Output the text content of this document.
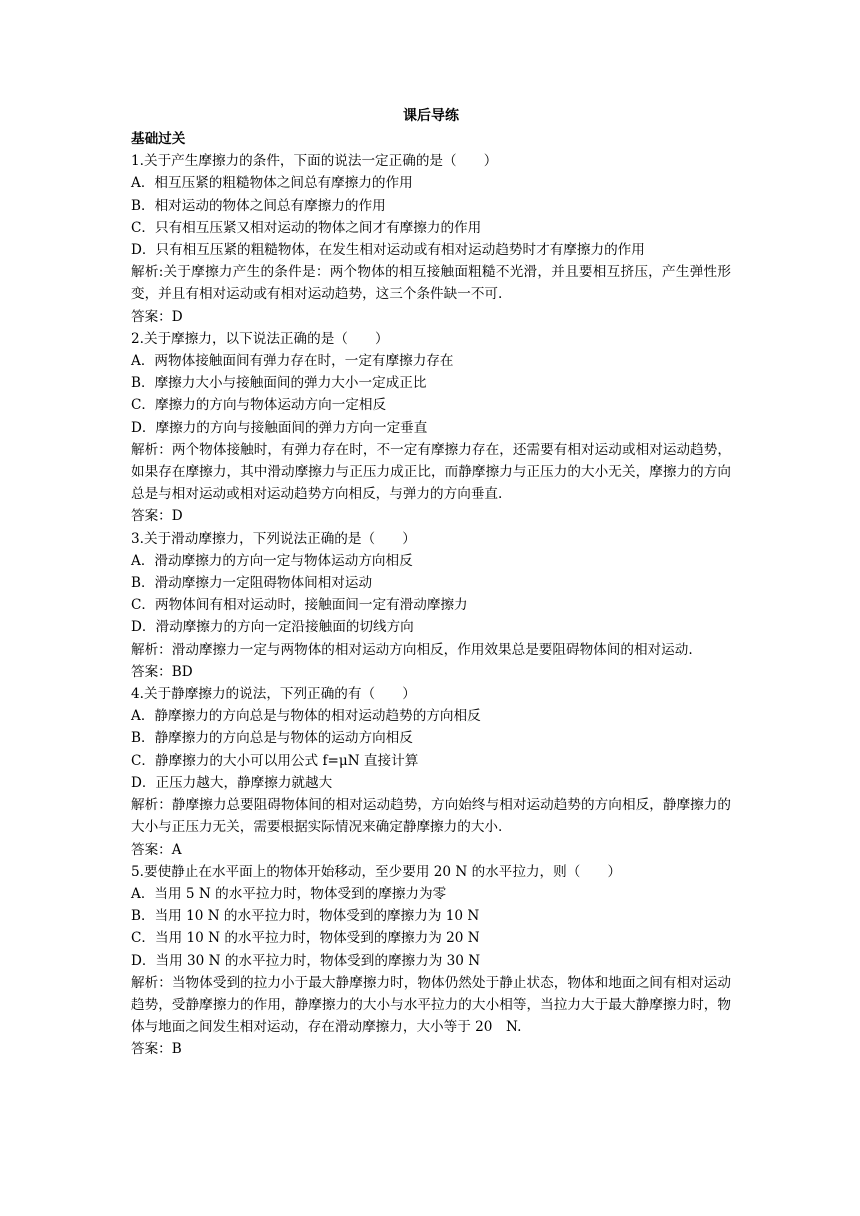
课后导练
基础过关
1.关于产生摩擦力的条件，下面的说法一定正确的是（　　）
A．相互压紧的粗糙物体之间总有摩擦力的作用
B．相对运动的物体之间总有摩擦力的作用
C．只有相互压紧又相对运动的物体之间才有摩擦力的作用
D．只有相互压紧的粗糙物体，在发生相对运动或有相对运动趋势时才有摩擦力的作用
解析:关于摩擦力产生的条件是：两个物体的相互接触面粗糙不光滑，并且要相互挤压，产生弹性形变，并且有相对运动或有相对运动趋势，这三个条件缺一不可.
答案：D
2.关于摩擦力，以下说法正确的是（　　）
A．两物体接触面间有弹力存在时，一定有摩擦力存在
B．摩擦力大小与接触面间的弹力大小一定成正比
C．摩擦力的方向与物体运动方向一定相反
D．摩擦力的方向与接触面间的弹力方向一定垂直
解析：两个物体接触时，有弹力存在时，不一定有摩擦力存在，还需要有相对运动或相对运动趋势，如果存在摩擦力，其中滑动摩擦力与正压力成正比，而静摩擦力与正压力的大小无关，摩擦力的方向总是与相对运动或相对运动趋势方向相反，与弹力的方向垂直.
答案：D
3.关于滑动摩擦力，下列说法正确的是（　　）
A．滑动摩擦力的方向一定与物体运动方向相反
B．滑动摩擦力一定阻碍物体间相对运动
C．两物体间有相对运动时，接触面间一定有滑动摩擦力
D．滑动摩擦力的方向一定沿接触面的切线方向
解析：滑动摩擦力一定与两物体的相对运动方向相反，作用效果总是要阻碍物体间的相对运动.
答案：BD
4.关于静摩擦力的说法，下列正确的有（　　）
A．静摩擦力的方向总是与物体的相对运动趋势的方向相反
B．静摩擦力的方向总是与物体的运动方向相反
C．静摩擦力的大小可以用公式 f=μN 直接计算
D．正压力越大，静摩擦力就越大
解析：静摩擦力总要阻碍物体间的相对运动趋势，方向始终与相对运动趋势的方向相反，静摩擦力的大小与正压力无关，需要根据实际情况来确定静摩擦力的大小.
答案：A
5.要使静止在水平面上的物体开始移动，至少要用 20 N 的水平拉力，则（　　）
A．当用 5 N 的水平拉力时，物体受到的摩擦力为零
B．当用 10 N 的水平拉力时，物体受到的摩擦力为 10 N
C．当用 10 N 的水平拉力时，物体受到的摩擦力为 20 N
D．当用 30 N 的水平拉力时，物体受到的摩擦力为 30 N
解析：当物体受到的拉力小于最大静摩擦力时，物体仍然处于静止状态，物体和地面之间有相对运动趋势，受静摩擦力的作用，静摩擦力的大小与水平拉力的大小相等，当拉力大于最大静摩擦力时，物体与地面之间发生相对运动，存在滑动摩擦力，大小等于 20　N.
答案：B
